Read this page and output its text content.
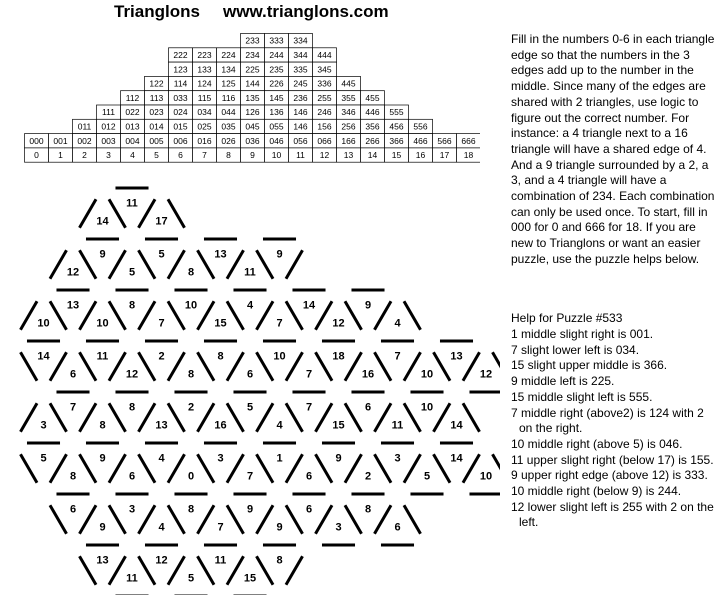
Trianglons www.trianglons.com
233 333 334
222 223 224 234 244 344 444
123 133 134 225 235 335 345
122 114 124 125 144 226 245 336 445
112 113 033 115 116 135 145 236 255 355 455
111 022 023 024 034 044 126 136 146 246 346 446 555
011 012 013 014 015 025 035 045 055 146 156 256 356 456 556
000 001 002 003 004 005 006 016 026 036 046 056 066 166 266 366 466 566 666
0 1 2 3 4 5 6 7 8 9 10 11 12 13 14 15 16 17 18
14
11
17
12
9
5
5
8
13
11
9
10
13
10
8
7
10
15
4
7
14
12
9
4
14
6
11
12
2
8
8
6
10
7
18
16
7
10
13
12
3
7
8
8
13
2
16
5
4
7
15
6
11
10
14
5
8
9
6
4
0
3
7
1
6
9
2
3
5
14
10
6
9
3
4
8
7
9
9
6
3
8
6
13
11
12
5
11
15
8
Fill in the numbers 0-6 in each triangle edge so that the numbers in the 3 edges add up to the number in the middle. Since many of the edges are shared with 2 triangles, use logic to figure out the correct number. For instance: a 4 triangle next to a 16 triangle will have a shared edge of 4. And a 9 triangle surrounded by a 2, a 3, and a 4 triangle will have a combination of 234. Each combination can only be used once. To start, fill in 000 for 0 and 666 for 18. If you are new to Trianglons or want an easier puzzle, use the puzzle helps below.
Help for Puzzle #533
1 middle slight right is 001.
7 slight lower left is 034.
15 slight upper middle is 366.
9 middle left is 225.
15 middle slight left is 555.
7 middle right (above2) is 124 with 2 on the right.
10 middle right (above 5) is 046.
11 upper slight right (below 17) is 155.
9 upper right edge (above 12) is 333.
10 middle right (below 9) is 244.
12 lower slight left is 255 with 2 on the left.
